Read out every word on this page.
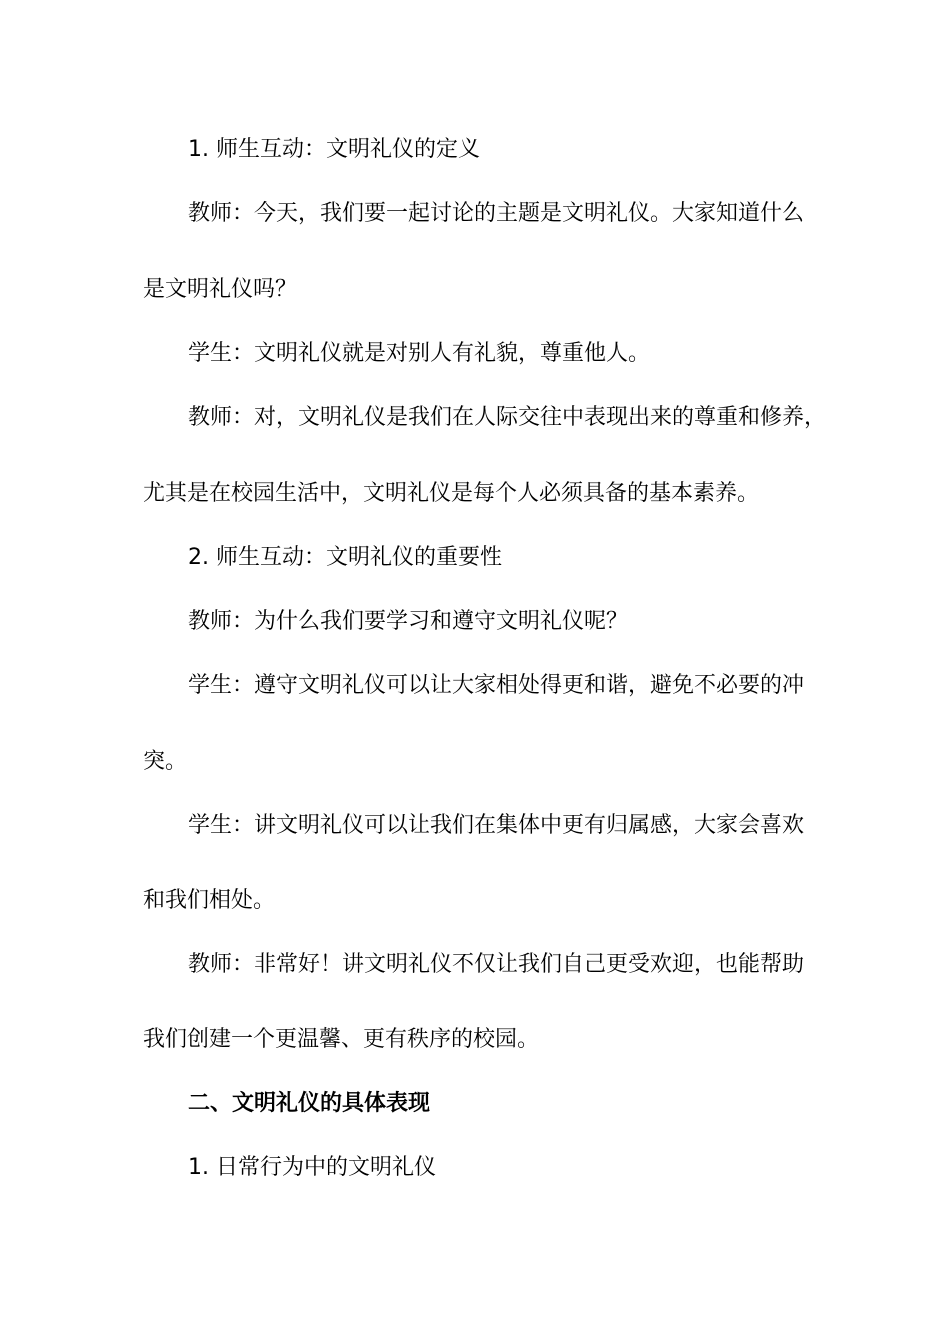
1. 师生互动：文明礼仪的定义

教师：今天，我们要一起讨论的主题是文明礼仪。大家知道什么

是文明礼仪吗？

学生：文明礼仪就是对别人有礼貌，尊重他人。

教师：对，文明礼仪是我们在人际交往中表现出来的尊重和修养，

尤其是在校园生活中，文明礼仪是每个人必须具备的基本素养。

2. 师生互动：文明礼仪的重要性

教师：为什么我们要学习和遵守文明礼仪呢？

学生：遵守文明礼仪可以让大家相处得更和谐，避免不必要的冲

突。

学生：讲文明礼仪可以让我们在集体中更有归属感，大家会喜欢

和我们相处。

教师：非常好！讲文明礼仪不仅让我们自己更受欢迎，也能帮助

我们创建一个更温馨、更有秩序的校园。

二、文明礼仪的具体表现

1. 日常行为中的文明礼仪
